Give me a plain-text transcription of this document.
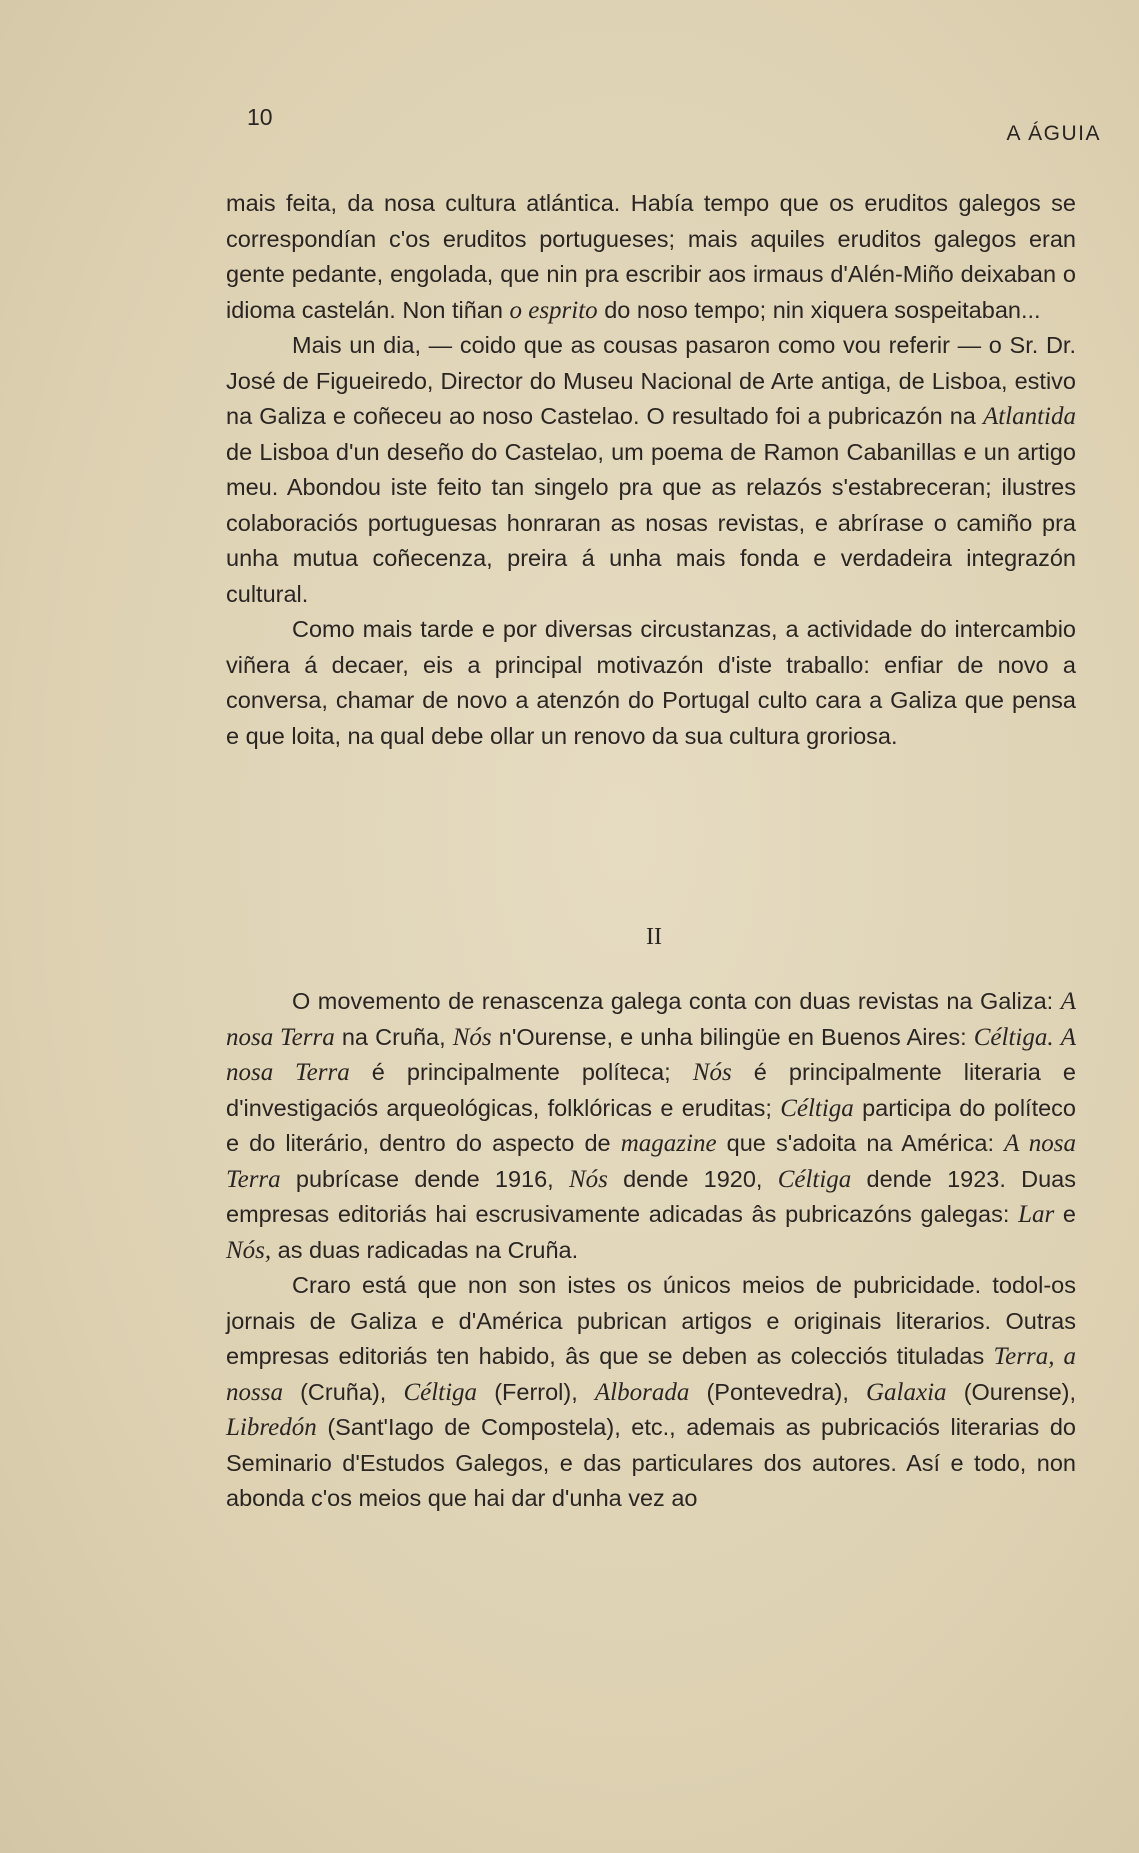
10
A ÁGUIA

mais feita, da nosa cultura atlántica. Había tempo que os eruditos galegos se correspondían c'os eruditos portugueses; mais aquiles eruditos galegos eran gente pedante, engolada, que nin pra escribir aos irmaus d'Alén-Miño deixaban o idioma castelán. Non tiñan o esprito do noso tempo; nin xiquera sospeitaban...

Mais un dia, — coido que as cousas pasaron como vou referir — o Sr. Dr. José de Figueiredo, Director do Museu Nacional de Arte antiga, de Lisboa, estivo na Galiza e coñeceu ao noso Castelao. O resultado foi a pubricazón na Atlantida de Lisboa d'un deseño do Castelao, um poema de Ramon Cabanillas e un artigo meu. Abondou iste feito tan singelo pra que as relazós s'estabreceran; ilustres colaboraciós portuguesas honraran as nosas revistas, e abrírase o camiño pra unha mutua coñecenza, preira á unha mais fonda e verdadeira integrazón cultural.

Como mais tarde e por diversas circustanzas, a actividade do intercambio viñera á decaer, eis a principal motivazón d'iste traballo: enfiar de novo a conversa, chamar de novo a atenzón do Portugal culto cara a Galiza que pensa e que loita, na qual debe ollar un renovo da sua cultura groriosa.

II

O movemento de renascenza galega conta con duas revistas na Galiza: A nosa Terra na Cruña, Nós n'Ourense, e unha bilingüe en Buenos Aires: Céltiga. A nosa Terra é principalmente políteca; Nós é principalmente literaria e d'investigaciós arqueológicas, folklóricas e eruditas; Céltiga participa do políteco e do literário, dentro do aspecto de magazine que s'adoita na América: A nosa Terra pubrícase dende 1916, Nós dende 1920, Céltiga dende 1923. Duas empresas editoriás hai escrusivamente adicadas âs pubricazóns galegas: Lar e Nós, as duas radicadas na Cruña.

Craro está que non son istes os únicos meios de pubricidade. todol-os jornais de Galiza e d'América pubrican artigos e originais literarios. Outras empresas editoriás ten habido, âs que se deben as colecciós tituladas Terra, a nossa (Cruña), Céltiga (Ferrol), Alborada (Pontevedra), Galaxia (Ourense), Libredón (Sant'Iago de Compostela), etc., ademais as pubricaciós literarias do Seminario d'Estudos Galegos, e das particulares dos autores. Así e todo, non abonda c'os meios que hai dar d'unha vez ao
